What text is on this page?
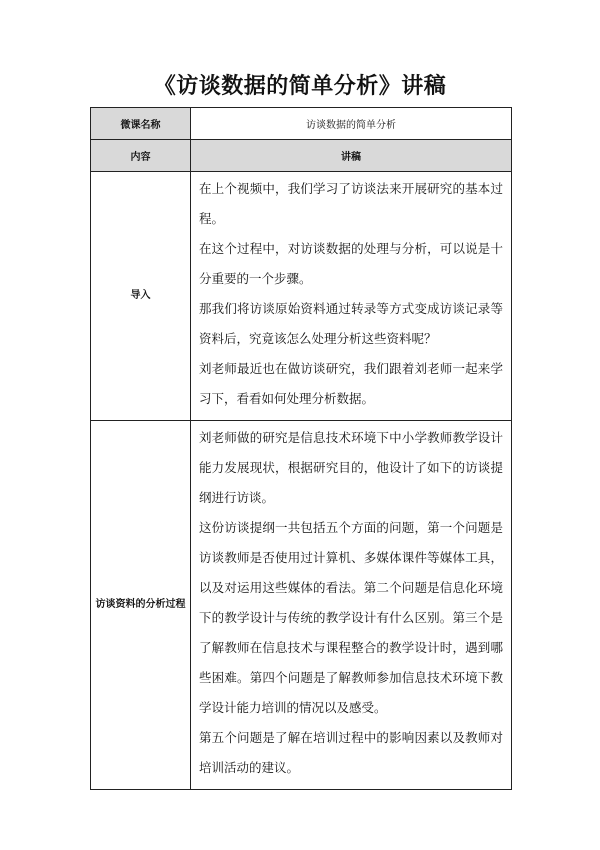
《访谈数据的简单分析》讲稿
微课名称	访谈数据的简单分析
内容	讲稿
导入	在上个视频中，我们学习了访谈法来开展研究的基本过程。

在这个过程中，对访谈数据的处理与分析，可以说是十分重要的一个步骤。

那我们将访谈原始资料通过转录等方式变成访谈记录等资料后，究竟该怎么处理分析这些资料呢？

刘老师最近也在做访谈研究，我们跟着刘老师一起来学习下，看看如何处理分析数据。

访谈资料的分析过程	刘老师做的研究是信息技术环境下中小学教师教学设计能力发展现状，根据研究目的，他设计了如下的访谈提纲进行访谈。

这份访谈提纲一共包括五个方面的问题，第一个问题是访谈教师是否使用过计算机、多媒体课件等媒体工具，以及对运用这些媒体的看法。第二个问题是信息化环境下的教学设计与传统的教学设计有什么区别。第三个是了解教师在信息技术与课程整合的教学设计时，遇到哪些困难。第四个问题是了解教师参加信息技术环境下教学设计能力培训的情况以及感受。

第五个问题是了解在培训过程中的影响因素以及教师对培训活动的建议。
